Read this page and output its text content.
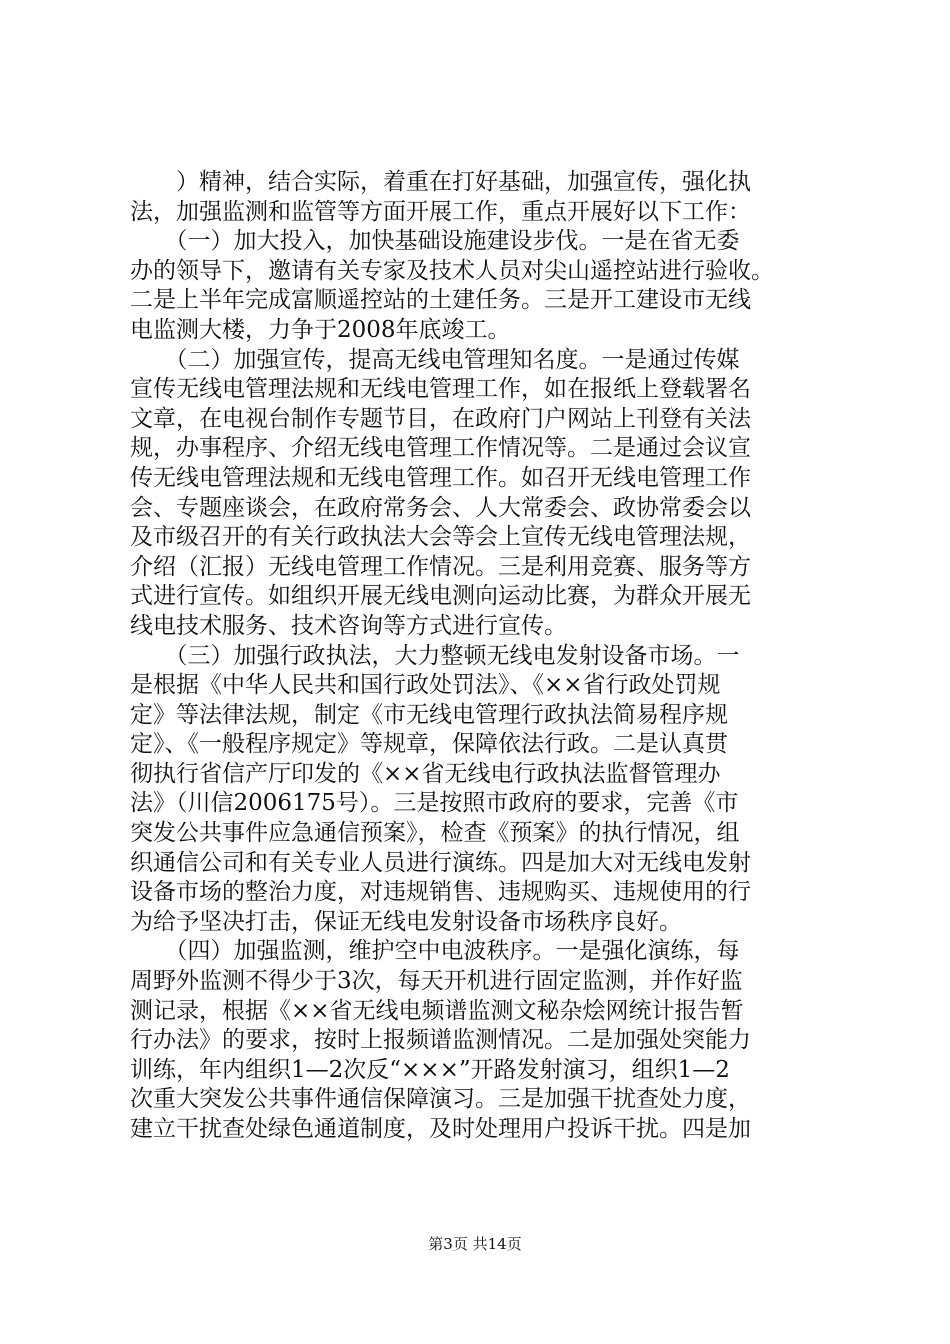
　　）精神，结合实际，着重在打好基础，加强宣传，强化执
法，加强监测和监管等方面开展工作，重点开展好以下工作：
　　（一）加大投入，加快基础设施建设步伐。一是在省无委
办的领导下，邀请有关专家及技术人员对尖山遥控站进行验收。
二是上半年完成富顺遥控站的土建任务。三是开工建设市无线
电监测大楼，力争于2008年底竣工。
　　（二）加强宣传，提高无线电管理知名度。一是通过传媒
宣传无线电管理法规和无线电管理工作，如在报纸上登载署名
文章，在电视台制作专题节目，在政府门户网站上刊登有关法
规，办事程序、介绍无线电管理工作情况等。二是通过会议宣
传无线电管理法规和无线电管理工作。如召开无线电管理工作
会、专题座谈会，在政府常务会、人大常委会、政协常委会以
及市级召开的有关行政执法大会等会上宣传无线电管理法规，
介绍（汇报）无线电管理工作情况。三是利用竞赛、服务等方
式进行宣传。如组织开展无线电测向运动比赛，为群众开展无
线电技术服务、技术咨询等方式进行宣传。
　　（三）加强行政执法，大力整顿无线电发射设备市场。一
是根据《中华人民共和国行政处罚法》、《××省行政处罚规
定》等法律法规，制定《市无线电管理行政执法简易程序规
定》、《一般程序规定》等规章，保障依法行政。二是认真贯
彻执行省信产厅印发的《××省无线电行政执法监督管理办
法》（川信2006175号）。三是按照市政府的要求，完善《市
突发公共事件应急通信预案》，检查《预案》的执行情况，组
织通信公司和有关专业人员进行演练。四是加大对无线电发射
设备市场的整治力度，对违规销售、违规购买、违规使用的行
为给予坚决打击，保证无线电发射设备市场秩序良好。
　　（四）加强监测，维护空中电波秩序。一是强化演练，每
周野外监测不得少于3次，每天开机进行固定监测，并作好监
测记录，根据《××省无线电频谱监测文秘杂烩网统计报告暂
行办法》的要求，按时上报频谱监测情况。二是加强处突能力
训练，年内组织1—2次反“×××”开路发射演习，组织1—2
次重大突发公共事件通信保障演习。三是加强干扰查处力度，
建立干扰查处绿色通道制度，及时处理用户投诉干扰。四是加
第3页 共14页
